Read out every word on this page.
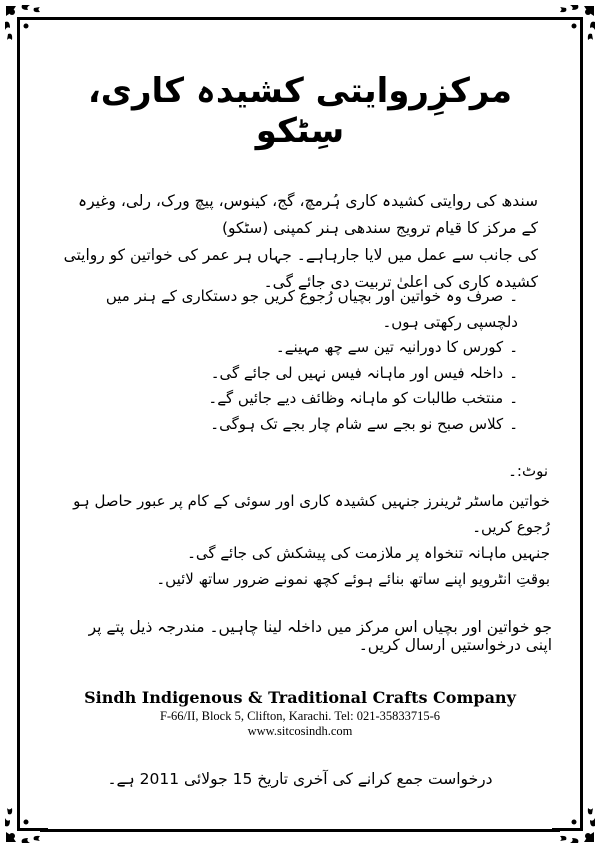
مرکزِروایتی کشیدہ کاری، سِٹکو
سندھ کی روایتی کشیدہ کاری ہُرمچ، گج، کینوس، پیچ ورک، رلی، وغیرہ کے مرکز کا قیام ترویج سندھی ہنر کمپنی (سٹکو)
کی جانب سے عمل میں لایا جارہاہے۔ جہاں ہر عمر کی خواتین کو روایتی کشیدہ کاری کی اعلیٰ تربیت دی جائے گی۔
۔صرف وہ خواتین اور بچیاں رُجوع کریں جو دستکاری کے ہنر میں دلچسپی رکھتی ہوں۔
۔کورس کا دورانیہ تین سے چھ مہینے۔
۔داخلہ فیس اور ماہانہ فیس نہیں لی جائے گی۔
۔منتخب طالبات کو ماہانہ وظائف دیے جائیں گے۔
۔کلاس صبح نو بجے سے شام چار بجے تک ہوگی۔
نوٹ:۔
خواتین ماسٹر ٹرینرز جنہیں کشیدہ کاری اور سوئی کے کام پر عبور حاصل ہو رُجوع کریں۔
جنہیں ماہانہ تنخواہ پر ملازمت کی پیشکش کی جائے گی۔
بوقتِ انٹرویو اپنے ساتھ بنائے ہوئے کچھ نمونے ضرور ساتھ لائیں۔
جو خواتین اور بچیاں اس مرکز میں داخلہ لینا چاہیں۔ مندرجہ ذیل پتے پر اپنی درخواستیں ارسال کریں۔
Sindh Indigenous & Traditional Crafts Company
F-66/II, Block 5, Clifton, Karachi. Tel: 021-35833715-6
www.sitcosindh.com
درخواست جمع کرانے کی آخری تاریخ 15 جولائی 2011 ہے۔
